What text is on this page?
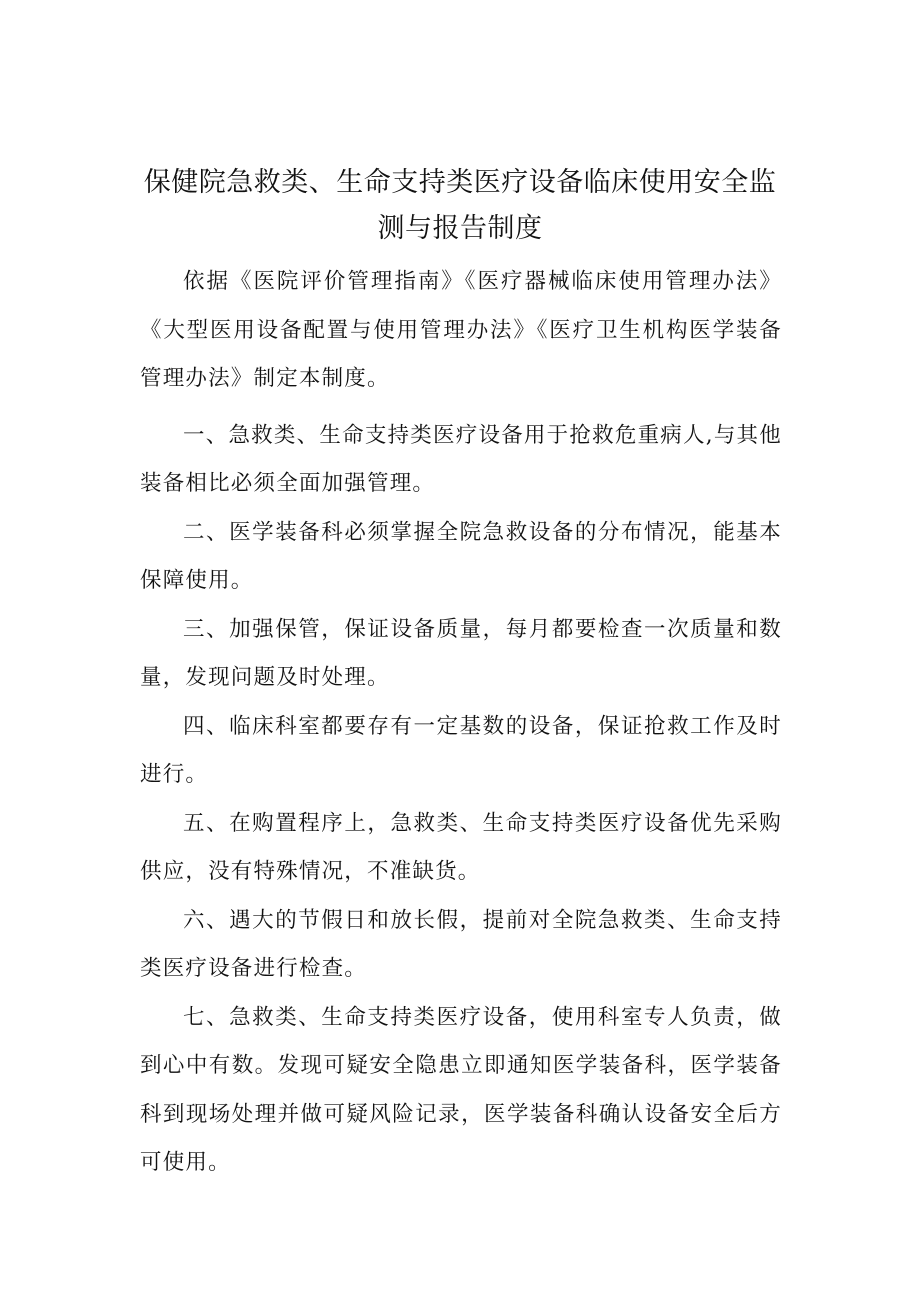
保健院急救类、生命支持类医疗设备临床使用安全监
测与报告制度

依据《医院评价管理指南》《医疗器械临床使用管理办法》《大型医用设备配置与使用管理办法》《医疗卫生机构医学装备管理办法》制定本制度。

一、急救类、生命支持类医疗设备用于抢救危重病人,与其他装备相比必须全面加强管理。

二、医学装备科必须掌握全院急救设备的分布情况，能基本保障使用。

三、加强保管，保证设备质量，每月都要检查一次质量和数量，发现问题及时处理。

四、临床科室都要存有一定基数的设备，保证抢救工作及时进行。

五、在购置程序上，急救类、生命支持类医疗设备优先采购供应，没有特殊情况，不准缺货。

六、遇大的节假日和放长假，提前对全院急救类、生命支持类医疗设备进行检查。

七、急救类、生命支持类医疗设备，使用科室专人负责，做到心中有数。发现可疑安全隐患立即通知医学装备科，医学装备科到现场处理并做可疑风险记录，医学装备科确认设备安全后方可使用。
